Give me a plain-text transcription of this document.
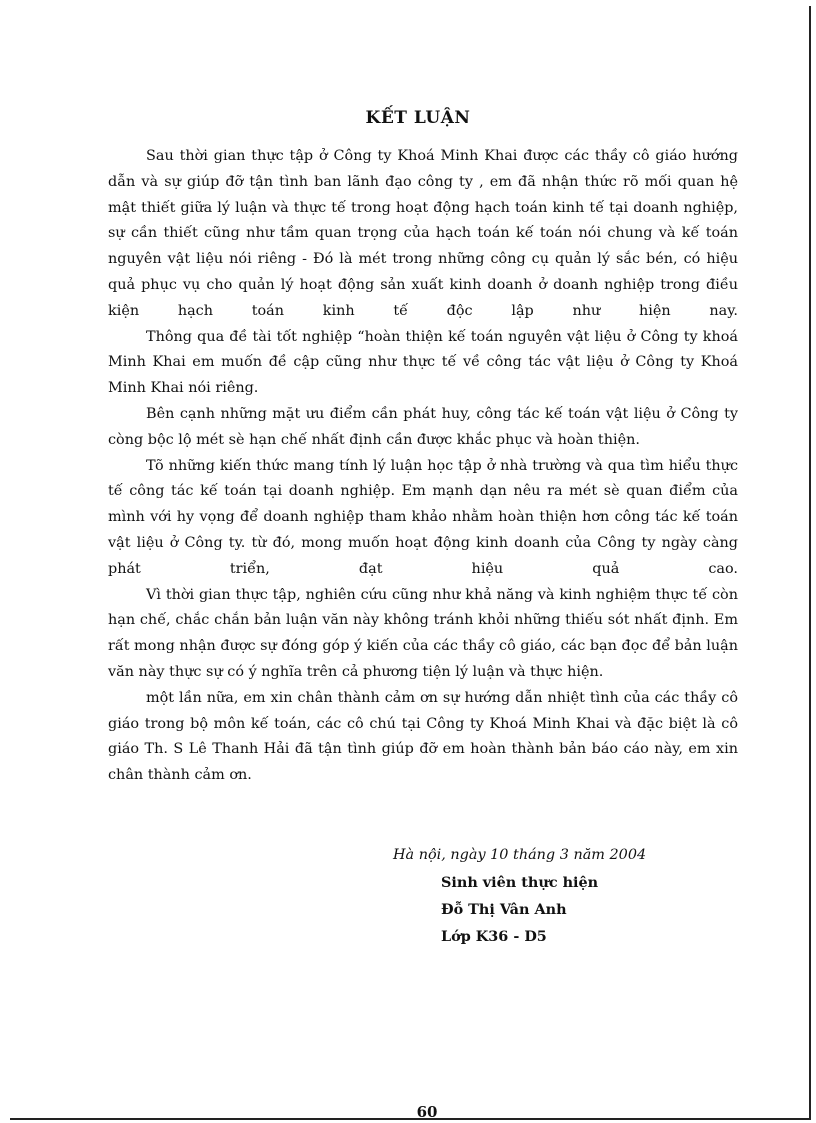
KẾT LUẬN

Sau thời gian thực tập ở Công ty Khoá Minh Khai được các thầy cô giáo hướng dẫn và sự giúp đỡ tận tình ban lãnh đạo công ty , em đã nhận thức rõ mối quan hệ mật thiết giữa lý luận và thực tế trong hoạt động hạch toán kinh tế tại doanh nghiệp, sự cần thiết cũng như tầm quan trọng của hạch toán kế toán nói chung và kế toán nguyên vật liệu nói riêng - Đó là mét trong những công cụ quản lý sắc bén, có hiệu quả phục vụ cho quản lý hoạt động sản xuất kinh doanh ở doanh nghiệp trong điều kiện hạch toán kinh tế độc lập như hiện nay.

Thông qua đề tài tốt nghiệp “hoàn thiện kế toán nguyên vật liệu ở Công ty khoá Minh Khai em muốn đề cập cũng như thực tế về công tác vật liệu ở Công ty Khoá Minh Khai nói riêng.

Bên cạnh những mặt ưu điểm cần phát huy, công tác kế toán vật liệu ở Công ty còng bộc lộ mét sè hạn chế nhất định cần được khắc phục và hoàn thiện.

Tõ những kiến thức mang tính lý luận học tập ở nhà trường và qua tìm hiểu thực tế công tác kế toán tại doanh nghiệp. Em mạnh dạn nêu ra mét sè quan điểm của mình với hy vọng để doanh nghiệp tham khảo nhằm hoàn thiện hơn công tác kế toán vật liệu ở Công ty. từ đó, mong muốn hoạt động kinh doanh của Công ty ngày càng phát triển, đạt hiệu quả cao.

Vì thời gian thực tập, nghiên cứu cũng như khả năng và kinh nghiệm thực tế còn hạn chế, chắc chắn bản luận văn này không tránh khỏi những thiếu sót nhất định. Em rất mong nhận được sự đóng góp ý kiến của các thầy cô giáo, các bạn đọc để bản luận văn này thực sự có ý nghĩa trên cả phương tiện lý luận và thực hiện.

một lần nữa, em xin chân thành cảm ơn sự hướng dẫn nhiệt tình của các thầy cô giáo trong bộ môn kế toán, các cô chú tại Công ty Khoá Minh Khai và đặc biệt là cô giáo Th. S Lê Thanh Hải đã tận tình giúp đỡ em hoàn thành bản báo cáo này, em xin chân thành cảm ơn.

Hà nội, ngày 10 tháng 3 năm 2004
Sinh viên thực hiện
Đỗ Thị Vân Anh
Lớp K36 - D5
60
